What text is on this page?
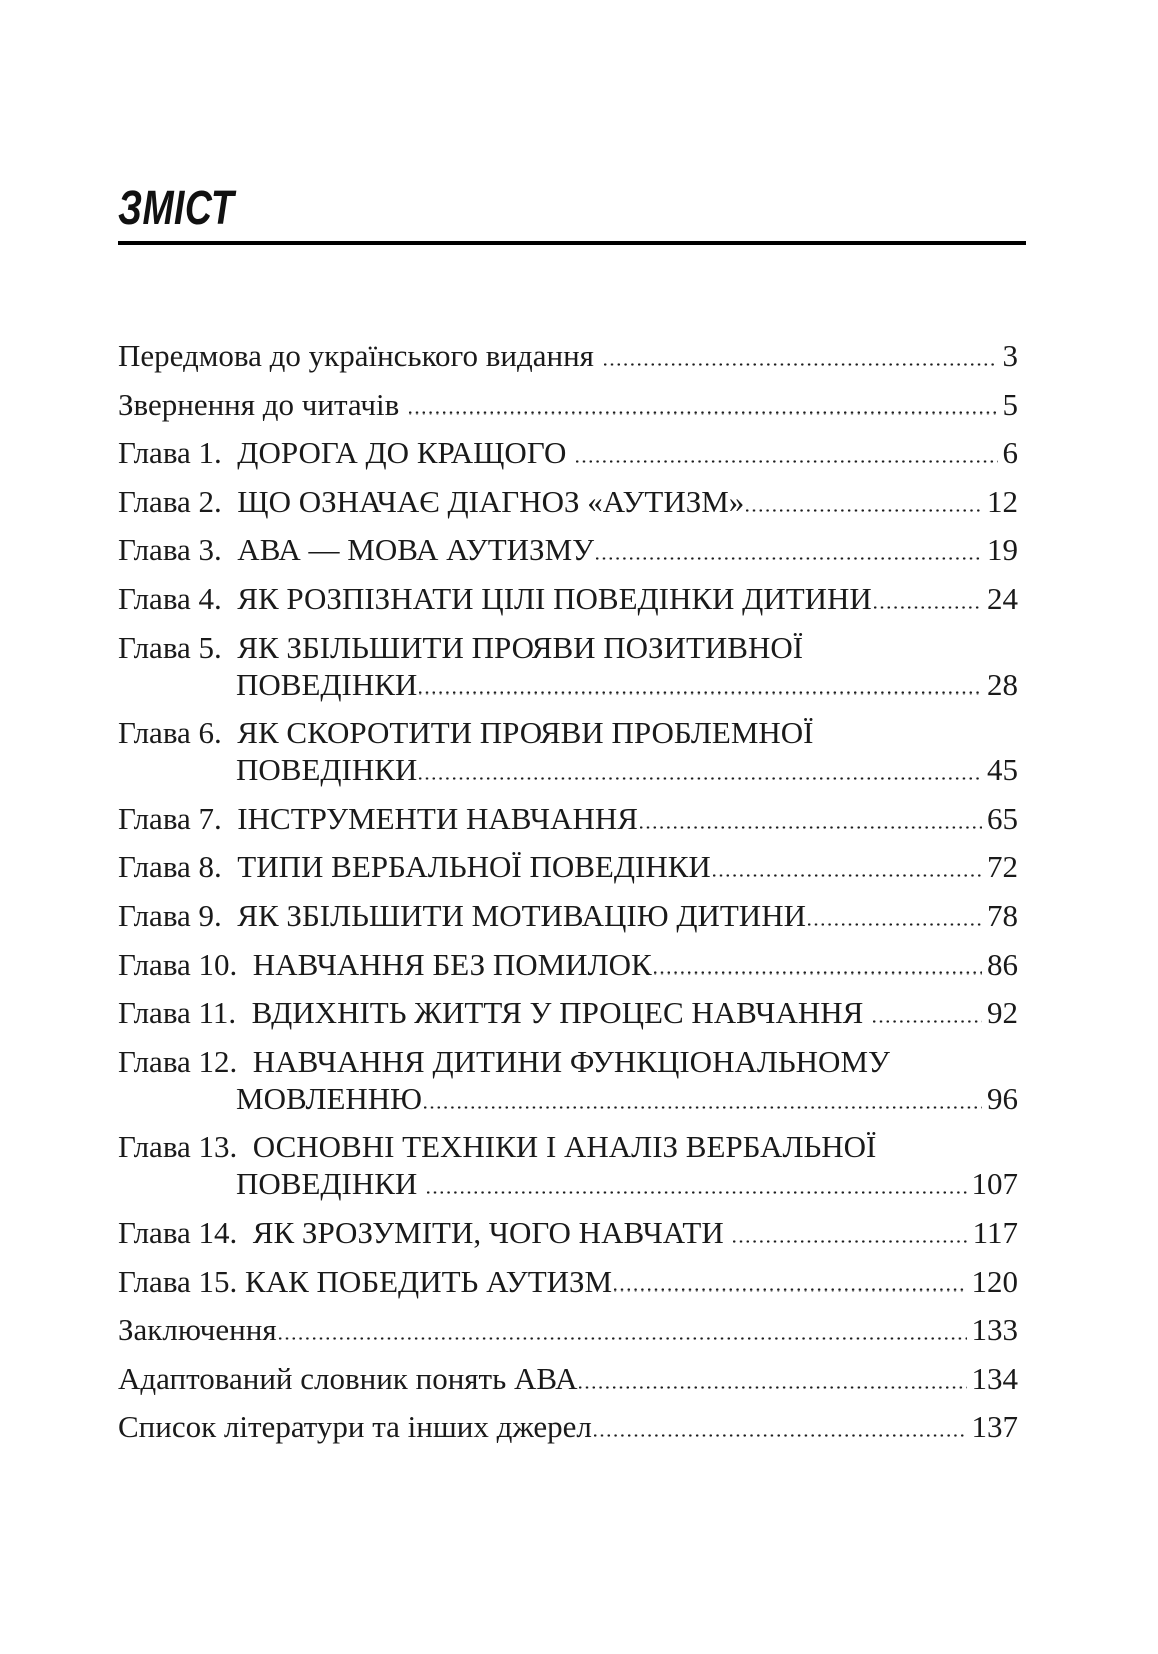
ЗМІСТ
Передмова до українського видання	3
Звернення до читачів	5
Глава 1.  ДОРОГА ДО КРАЩОГО	6
Глава 2.  ЩО ОЗНАЧАЄ ДІАГНОЗ «АУТИЗМ»	12
Глава 3.  АВА — МОВА АУТИЗМУ	19
Глава 4.  ЯК РОЗПІЗНАТИ ЦІЛІ ПОВЕДІНКИ ДИТИНИ	24
Глава 5.  ЯК ЗБІЛЬШИТИ ПРОЯВИ ПОЗИТИВНОЇ
ПОВЕДІНКИ	28
Глава 6.  ЯК СКОРОТИТИ ПРОЯВИ ПРОБЛЕМНОЇ
ПОВЕДІНКИ	45
Глава 7.  ІНСТРУМЕНТИ НАВЧАННЯ	65
Глава 8.  ТИПИ ВЕРБАЛЬНОЇ ПОВЕДІНКИ	72
Глава 9.  ЯК ЗБІЛЬШИТИ МОТИВАЦІЮ ДИТИНИ	78
Глава 10.  НАВЧАННЯ БЕЗ ПОМИЛОК	86
Глава 11.  ВДИХНІТЬ ЖИТТЯ У ПРОЦЕС НАВЧАННЯ	92
Глава 12.  НАВЧАННЯ ДИТИНИ ФУНКЦІОНАЛЬНОМУ
МОВЛЕННЮ	96
Глава 13.  ОСНОВНІ ТЕХНІКИ І АНАЛІЗ ВЕРБАЛЬНОЇ
ПОВЕДІНКИ	107
Глава 14.  ЯК ЗРОЗУМІТИ, ЧОГО НАВЧАТИ	117
Глава 15. КАК ПОБЕДИТЬ АУТИЗМ	120
Заключення	133
Адаптований словник понять АВА	134
Список літератури та інших джерел	137
